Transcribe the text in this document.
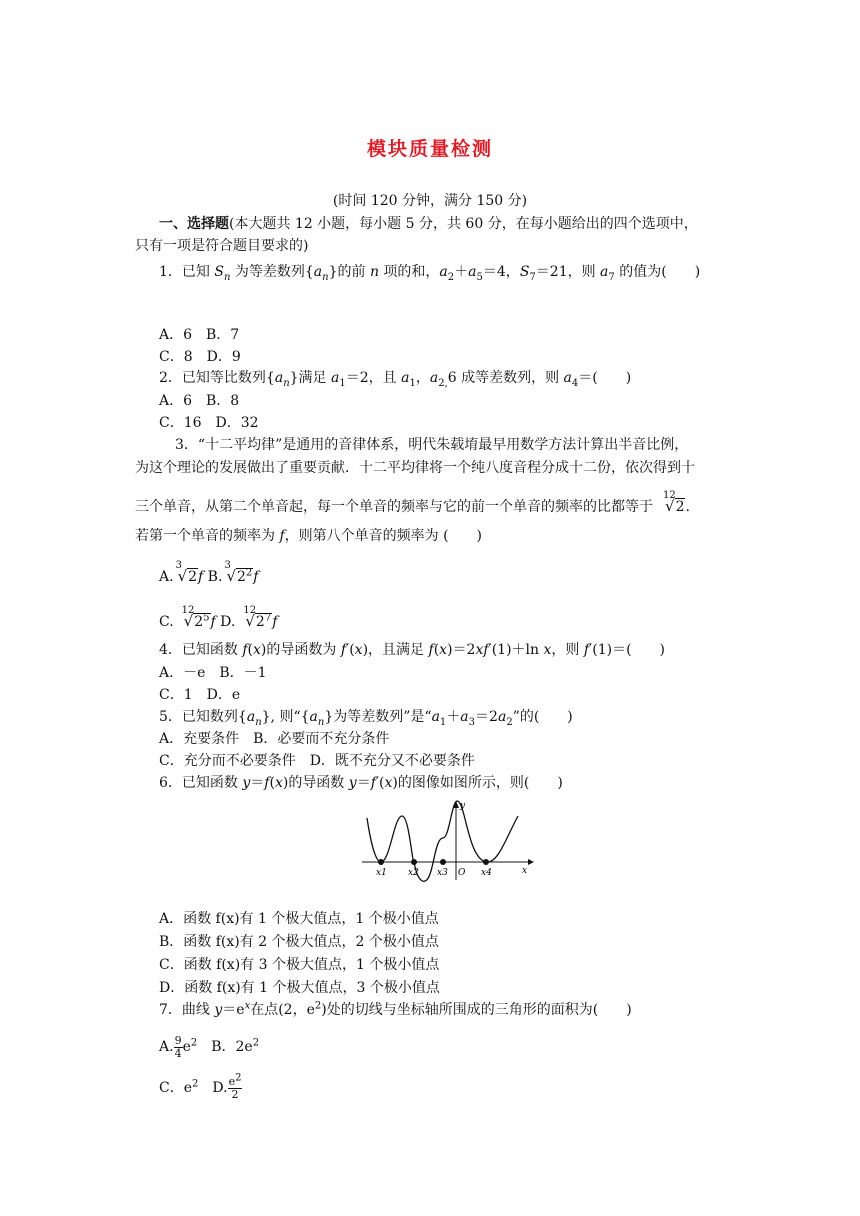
模块质量检测
(时间 120 分钟，满分 150 分)
一、选择题(本大题共 12 小题，每小题 5 分，共 60 分，在每小题给出的四个选项中，
只有一项是符合题目要求的)
1．已知 $S_n$ 为等差数列$\{a_n\}$的前 n 项的和，$a_2+a_5=4$，$S_7=21$，则 $a_7$ 的值为(　　)
A．6　B．7
C．8　D．9
2．已知等比数列$\{a_n\}$满足 $a_1=2$，且 $a_1$，$a_{2,}6$ 成等差数列，则 $a_4=$(　　)
A．6　B．8
C．16　D．32
3．“十二平均律”是通用的音律体系，明代朱载堉最早用数学方法计算出半音比例，
为这个理论的发展做出了重要贡献．十二平均律将一个纯八度音程分成十二份，依次得到十
三个单音，从第二个单音起，每一个单音的频率与它的前一个单音的频率的比都等于
12
√2.
若第一个单音的频率为 f，则第八个单音的频率为 (　　)
A.
3
√2f B.
3
$√2^2f$
C.
12
$√2^5f$ D.
12
$√2^7f$
4．已知函数 f(x)的导函数为 f′(x)，且满足 f(x)＝2xf′(1)＋ln x，则 f′(1)＝(　　)
A．－e　B．－1
C．1　D．e
5．已知数列$\{a_n\}$, 则“$\{a_n\}$为等差数列”是“$a_1+a_3=2a_2$”的(　　)
A．充要条件　B．必要而不充分条件
C．充分而不必要条件　D．既不充分又不必要条件
6．已知函数 y＝f(x)的导函数 y＝f′(x)的图像如图所示，则(　　)
x1 x2 x3 O x4	x
y
A．函数 f(x)有 1 个极大值点，1 个极小值点
B．函数 f(x)有 2 个极大值点，2 个极小值点
C．函数 f(x)有 3 个极大值点，1 个极小值点
D．函数 f(x)有 1 个极大值点，3 个极小值点
7．曲线 $y=e^x$在点(2，$e^2$)处的切线与坐标轴所围成的三角形的面积为(　　)
A. $\frac{9}{4} e^2$　B．$2e^2$
C．$e^2$　D. $\frac{e^2}{2}$
